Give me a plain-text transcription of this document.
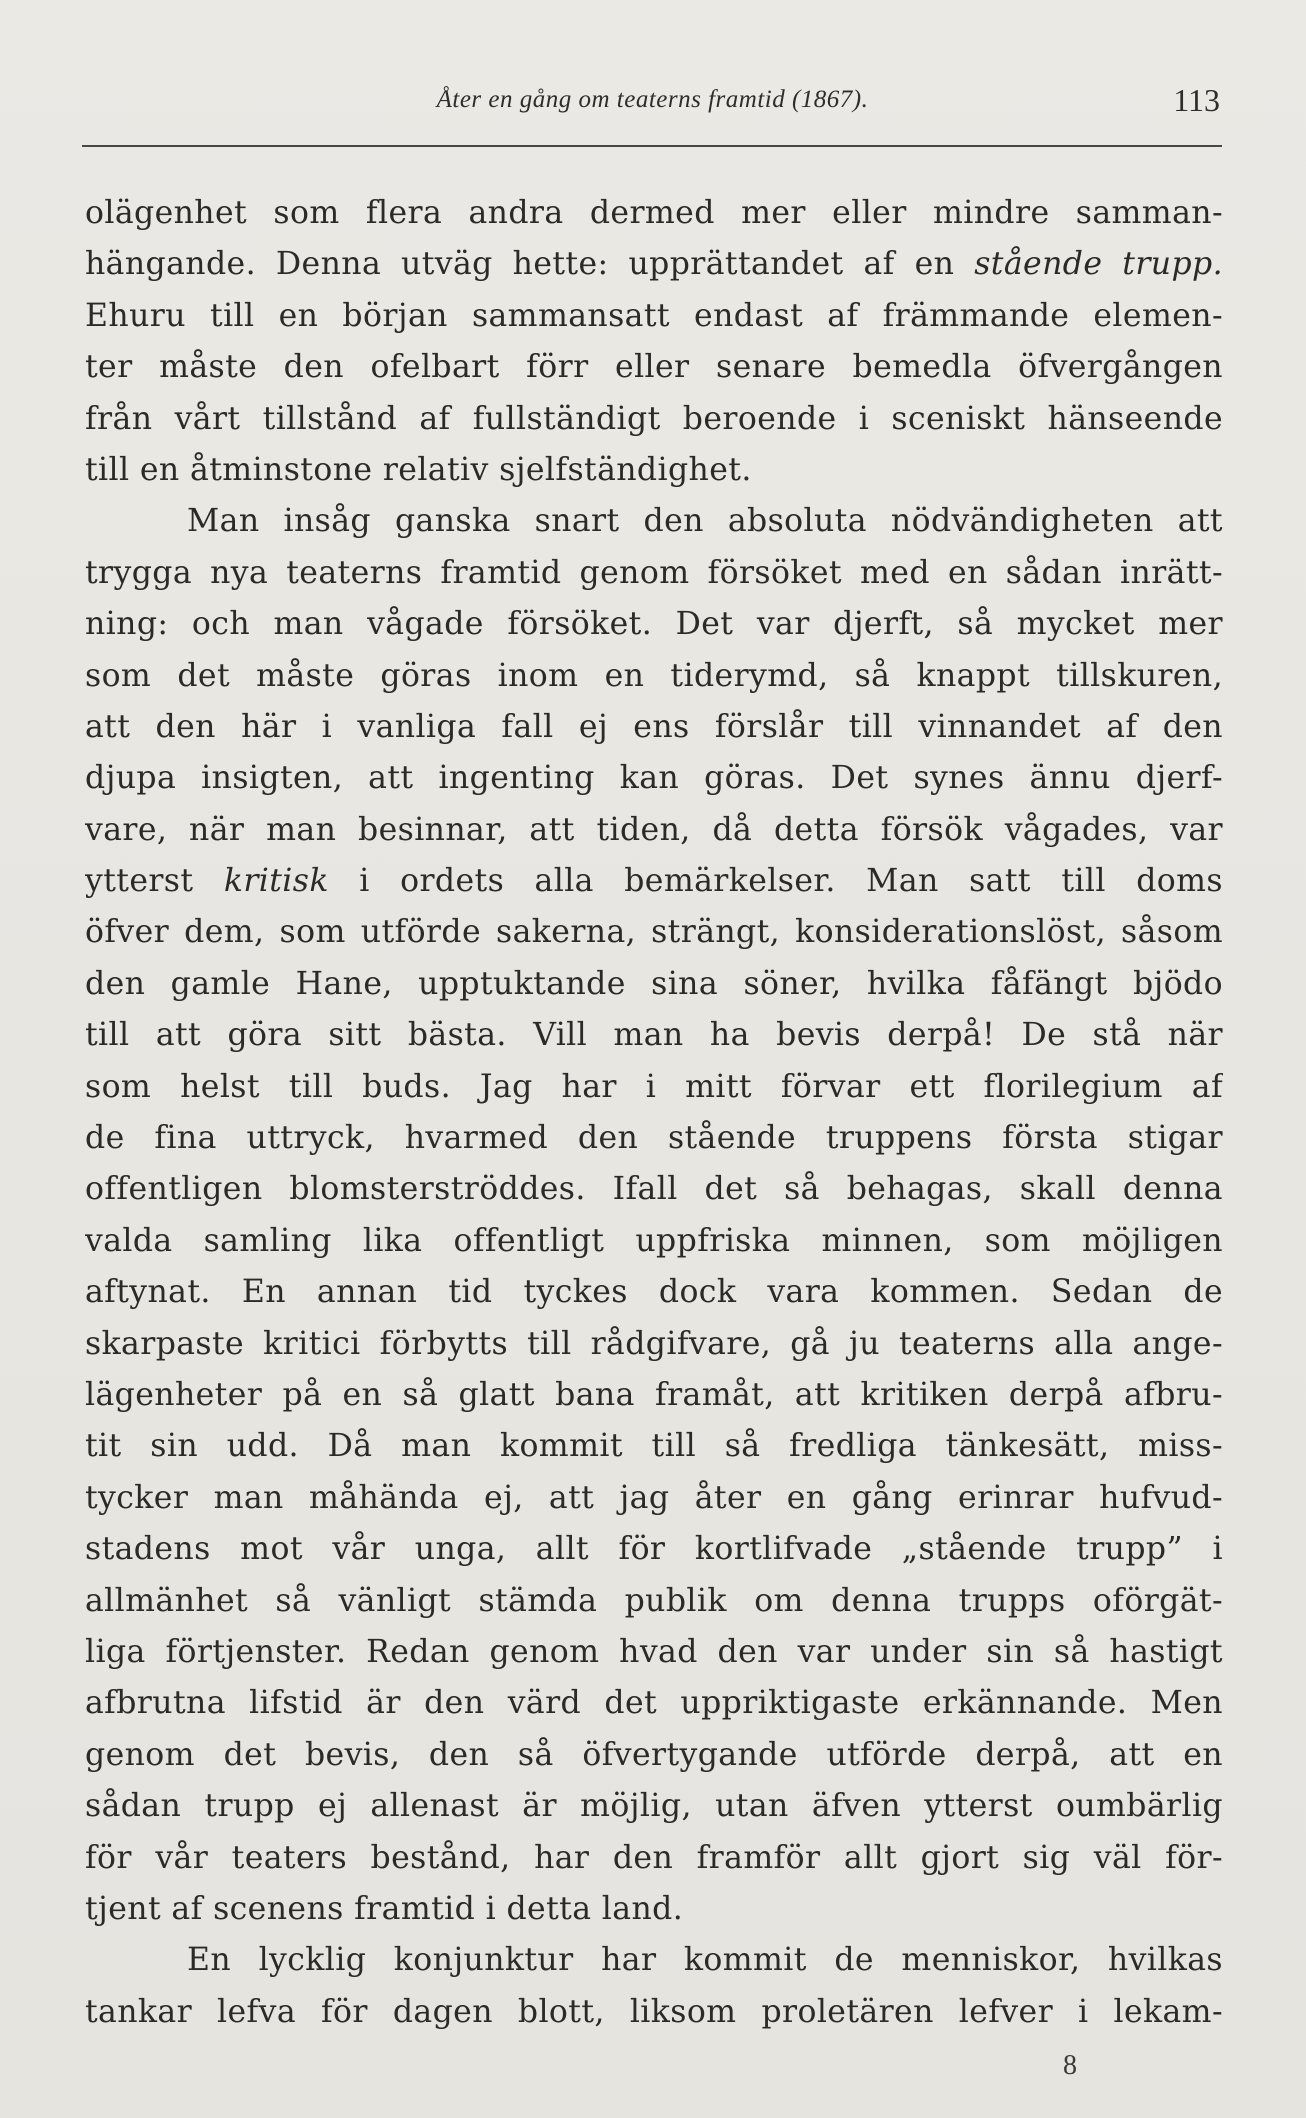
Åter en gång om teaterns framtid (1867).	113
olägenhet som flera andra dermed mer eller mindre samman-
hängande. Denna utväg hette: upprättandet af en stående trupp.
Ehuru till en början sammansatt endast af främmande elemen-
ter måste den ofelbart förr eller senare bemedla öfvergången
från vårt tillstånd af fullständigt beroende i sceniskt hänseende
till en åtminstone relativ sjelfständighet.
Man insåg ganska snart den absoluta nödvändigheten att
trygga nya teaterns framtid genom försöket med en sådan inrätt-
ning: och man vågade försöket. Det var djerft, så mycket mer
som det måste göras inom en tiderymd, så knappt tillskuren,
att den här i vanliga fall ej ens förslår till vinnandet af den
djupa insigten, att ingenting kan göras. Det synes ännu djerf-
vare, när man besinnar, att tiden, då detta försök vågades, var
ytterst kritisk i ordets alla bemärkelser. Man satt till doms
öfver dem, som utförde sakerna, strängt, konsiderationslöst, såsom
den gamle Hane, upptuktande sina söner, hvilka fåfängt bjödo
till att göra sitt bästa. Vill man ha bevis derpå! De stå när
som helst till buds. Jag har i mitt förvar ett florilegium af
de fina uttryck, hvarmed den stående truppens första stigar
offentligen blomsterströddes. Ifall det så behagas, skall denna
valda samling lika offentligt uppfriska minnen, som möjligen
aftynat. En annan tid tyckes dock vara kommen. Sedan de
skarpaste kritici förbytts till rådgifvare, gå ju teaterns alla ange-
lägenheter på en så glatt bana framåt, att kritiken derpå afbru-
tit sin udd. Då man kommit till så fredliga tänkesätt, miss-
tycker man måhända ej, att jag åter en gång erinrar hufvud-
stadens mot vår unga, allt för kortlifvade „stående trupp” i
allmänhet så vänligt stämda publik om denna trupps oförgät-
liga förtjenster. Redan genom hvad den var under sin så hastigt
afbrutna lifstid är den värd det uppriktigaste erkännande. Men
genom det bevis, den så öfvertygande utförde derpå, att en
sådan trupp ej allenast är möjlig, utan äfven ytterst oumbärlig
för vår teaters bestånd, har den framför allt gjort sig väl för-
tjent af scenens framtid i detta land.
En lycklig konjunktur har kommit de menniskor, hvilkas
tankar lefva för dagen blott, liksom proletären lefver i lekam-
8
